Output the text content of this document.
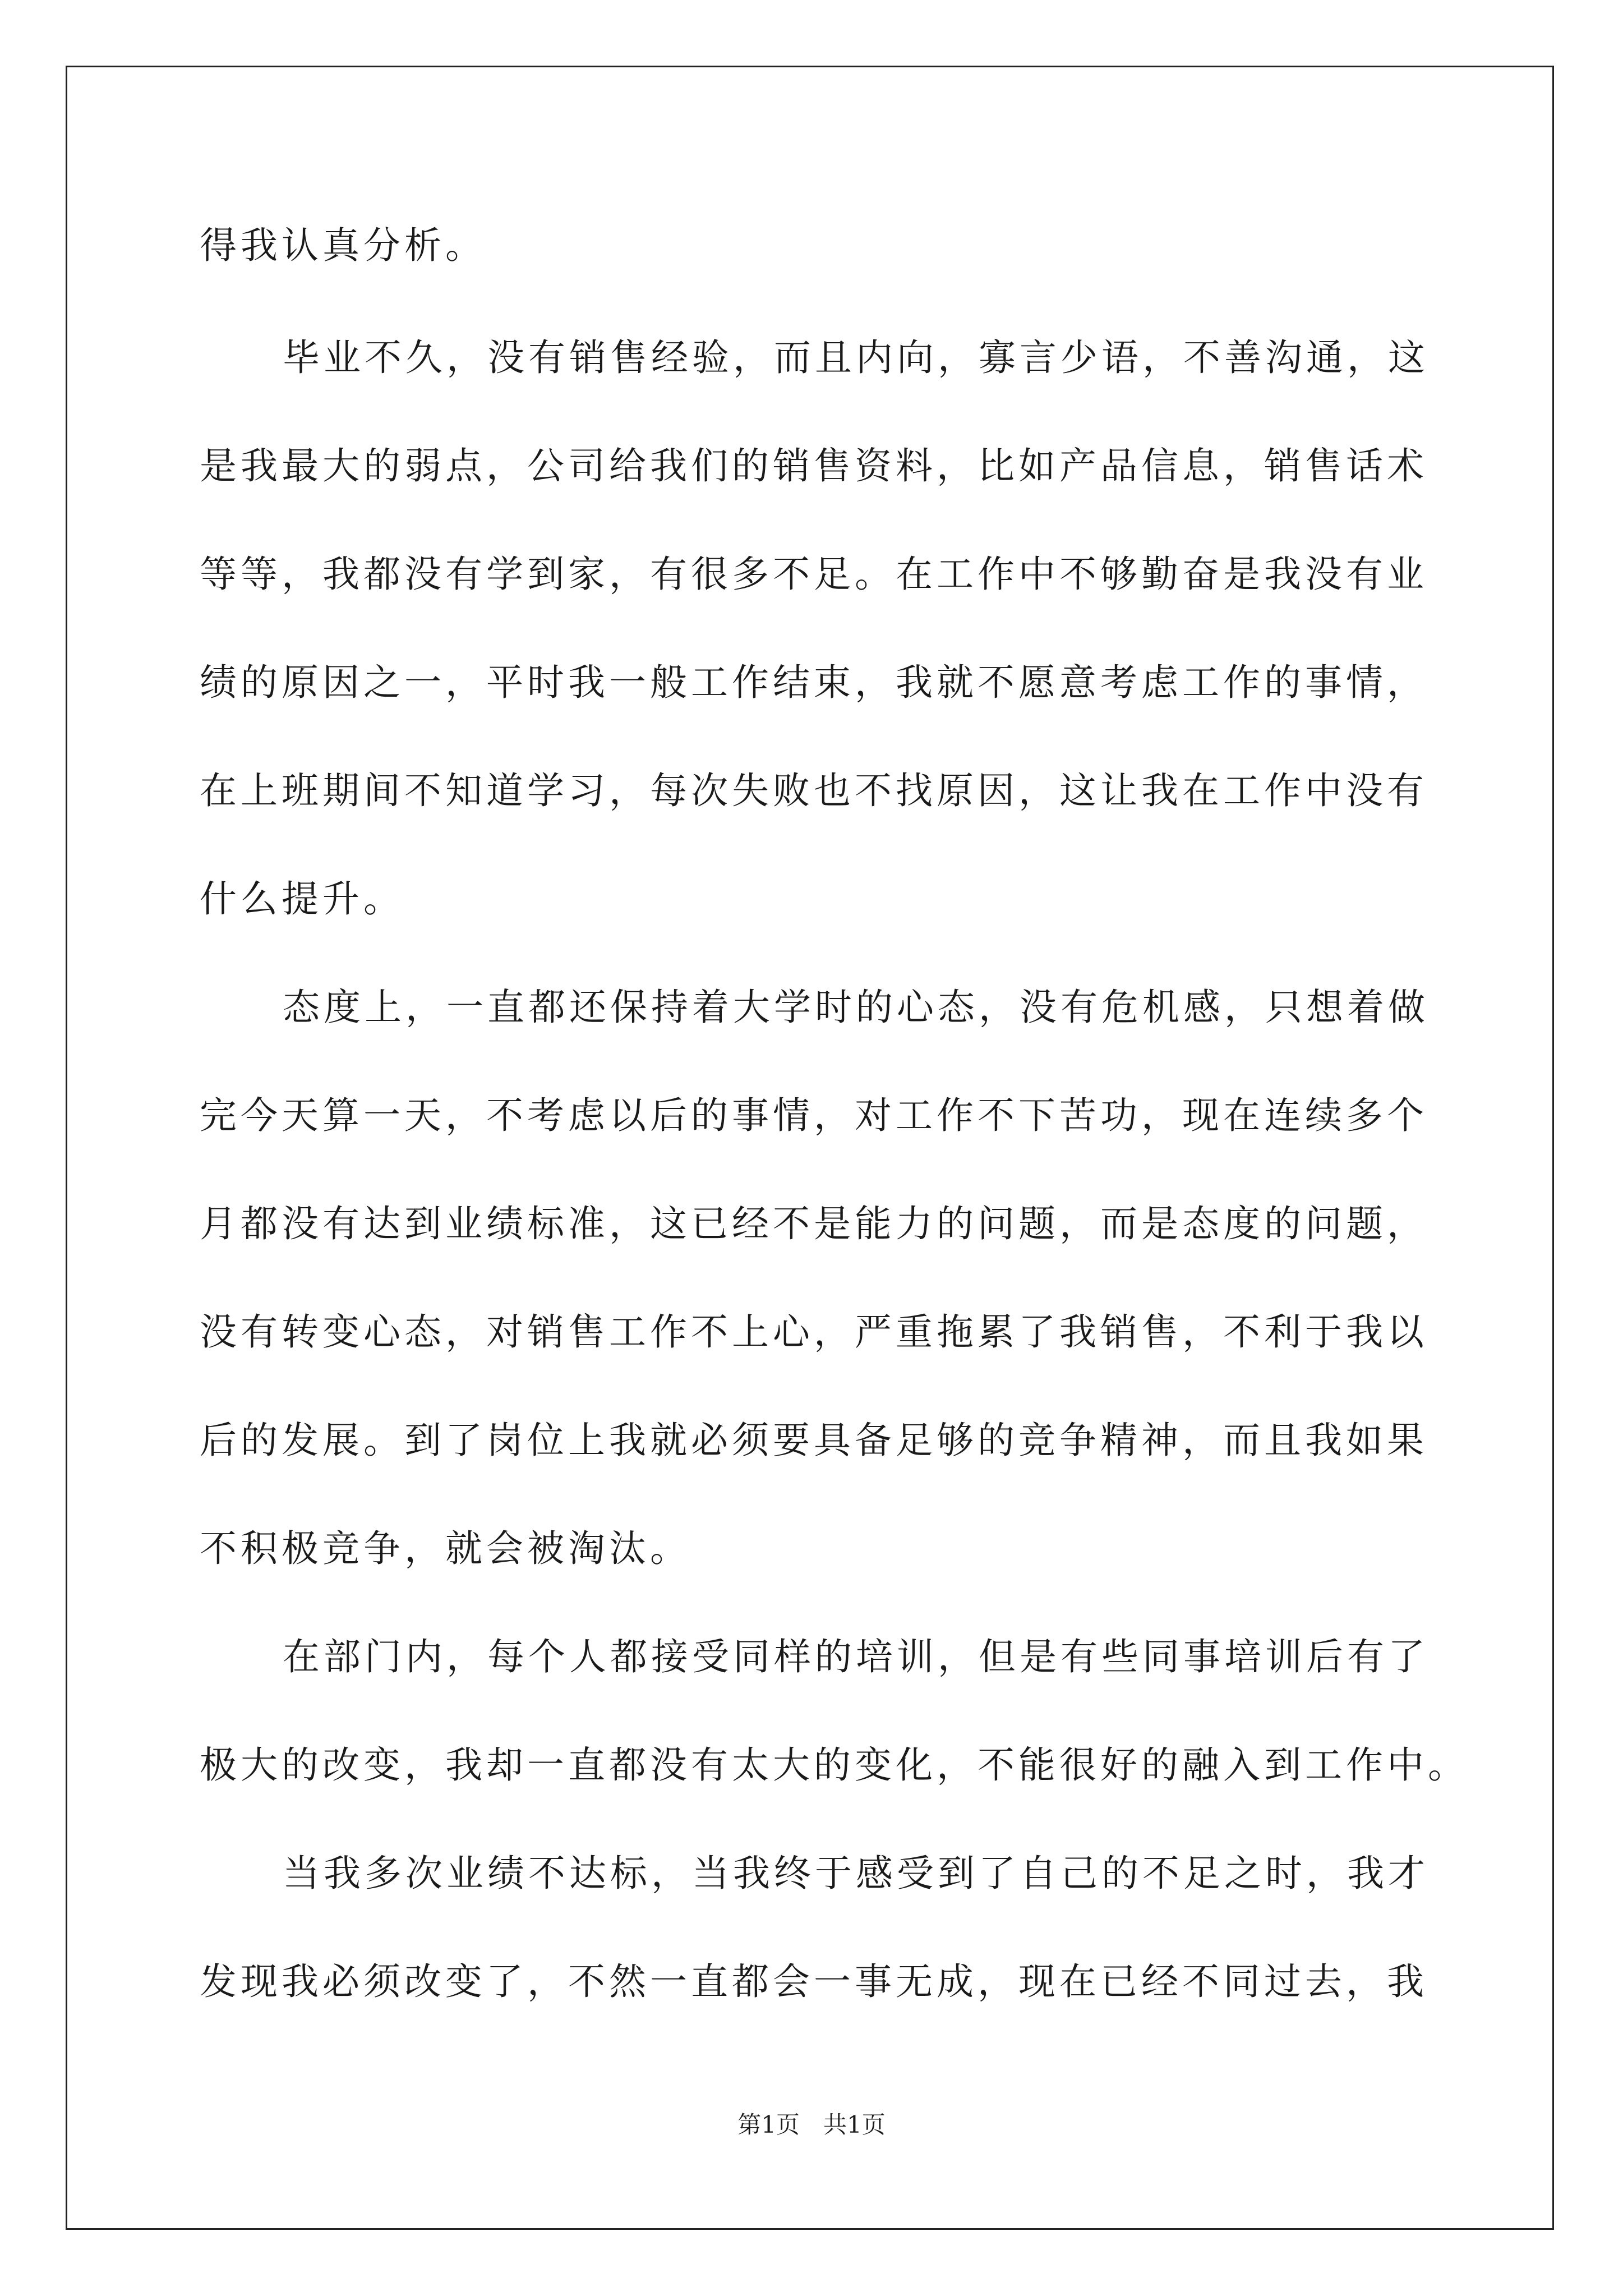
得我认真分析。
毕业不久，没有销售经验，而且内向，寡言少语，不善沟通，这
是我最大的弱点，公司给我们的销售资料，比如产品信息，销售话术
等等，我都没有学到家，有很多不足。在工作中不够勤奋是我没有业
绩的原因之一，平时我一般工作结束，我就不愿意考虑工作的事情，
在上班期间不知道学习，每次失败也不找原因，这让我在工作中没有
什么提升。
态度上，一直都还保持着大学时的心态，没有危机感，只想着做
完今天算一天，不考虑以后的事情，对工作不下苦功，现在连续多个
月都没有达到业绩标准，这已经不是能力的问题，而是态度的问题，
没有转变心态，对销售工作不上心，严重拖累了我销售，不利于我以
后的发展。到了岗位上我就必须要具备足够的竞争精神，而且我如果
不积极竞争，就会被淘汰。
在部门内，每个人都接受同样的培训，但是有些同事培训后有了
极大的改变，我却一直都没有太大的变化，不能很好的融入到工作中。
当我多次业绩不达标，当我终于感受到了自己的不足之时，我才
发现我必须改变了，不然一直都会一事无成，现在已经不同过去，我
第1页　共1页
